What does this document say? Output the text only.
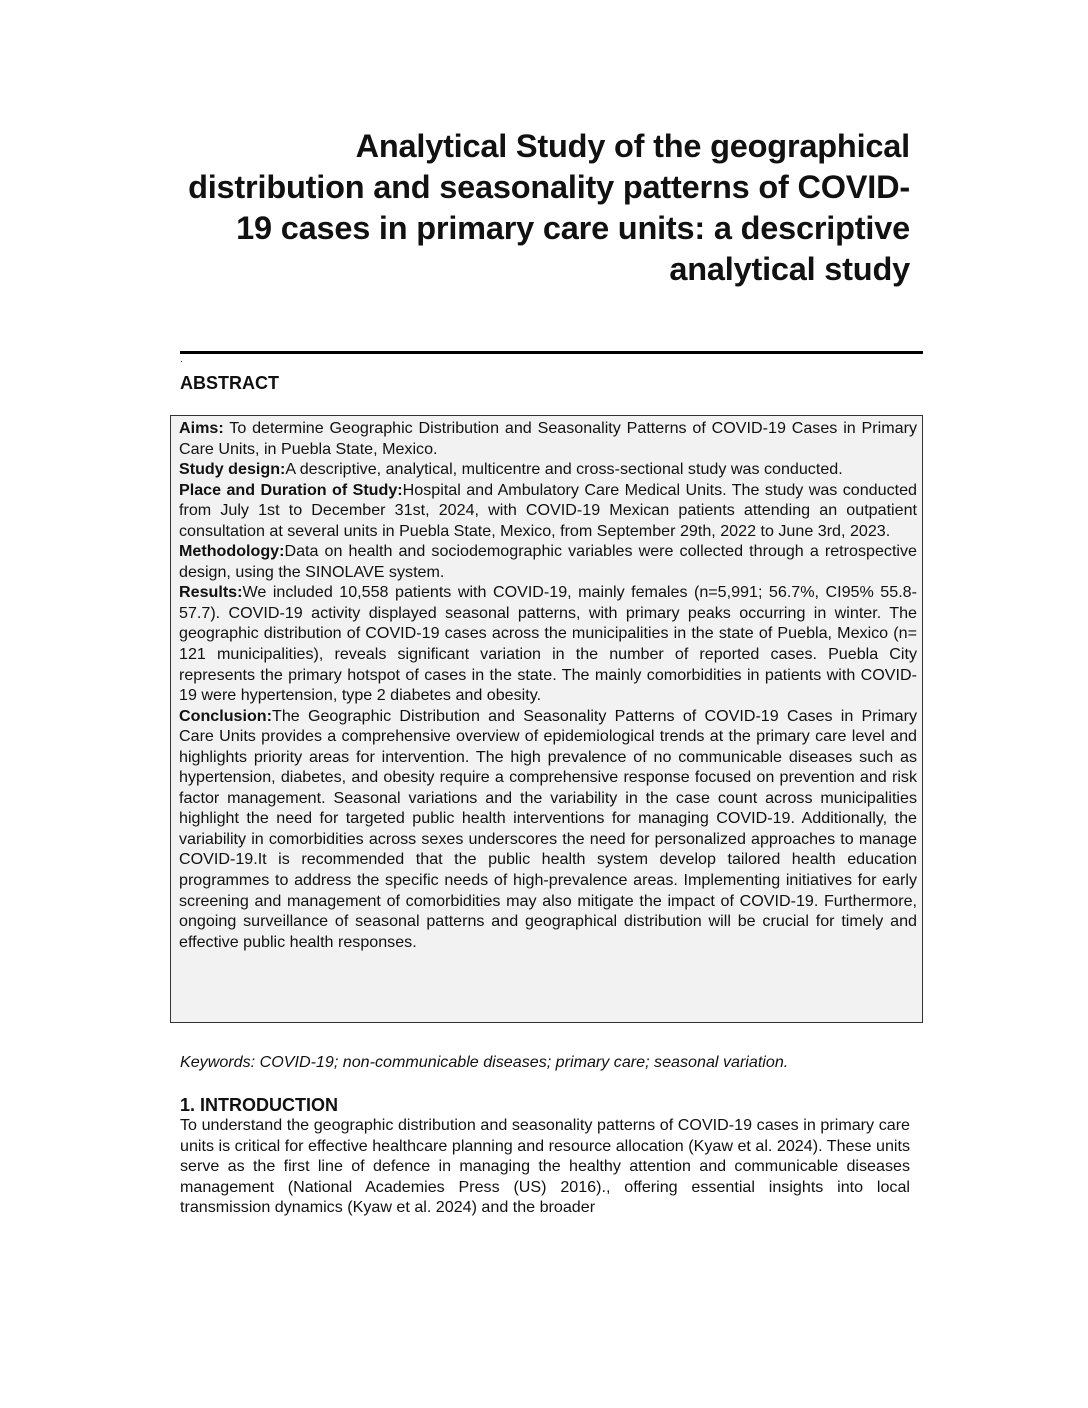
Analytical Study of the geographical distribution and seasonality patterns of COVID-19 cases in primary care units: a descriptive analytical study
.
ABSTRACT

Aims: To determine Geographic Distribution and Seasonality Patterns of COVID-19 Cases in Primary Care Units, in Puebla State, Mexico.

Study design:A descriptive, analytical, multicentre and cross-sectional study was conducted.

Place and Duration of Study:Hospital and Ambulatory Care Medical Units. The study was conducted from July 1st to December 31st, 2024, with COVID-19 Mexican patients attending an outpatient consultation at several units in Puebla State, Mexico, from September 29th, 2022 to June 3rd, 2023.

Methodology:Data on health and sociodemographic variables were collected through a retrospective design, using the SINOLAVE system.

Results:We included 10,558 patients with COVID-19, mainly females (n=5,991; 56.7%, CI95% 55.8-57.7). COVID-19 activity displayed seasonal patterns, with primary peaks occurring in winter. The geographic distribution of COVID-19 cases across the municipalities in the state of Puebla, Mexico (n= 121 municipalities), reveals significant variation in the number of reported cases. Puebla City represents the primary hotspot of cases in the state. The mainly comorbidities in patients with COVID-19 were hypertension, type 2 diabetes and obesity.

Conclusion:The Geographic Distribution and Seasonality Patterns of COVID-19 Cases in Primary Care Units provides a comprehensive overview of epidemiological trends at the primary care level and highlights priority areas for intervention. The high prevalence of no communicable diseases such as hypertension, diabetes, and obesity require a comprehensive response focused on prevention and risk factor management. Seasonal variations and the variability in the case count across municipalities highlight the need for targeted public health interventions for managing COVID-19. Additionally, the variability in comorbidities across sexes underscores the need for personalized approaches to manage COVID-19.It is recommended that the public health system develop tailored health education programmes to address the specific needs of high-prevalence areas. Implementing initiatives for early screening and management of comorbidities may also mitigate the impact of COVID-19. Furthermore, ongoing surveillance of seasonal patterns and geographical distribution will be crucial for timely and effective public health responses.

Keywords: COVID-19; non-communicable diseases; primary care; seasonal variation.

1. INTRODUCTION

To understand the geographic distribution and seasonality patterns of COVID-19 cases in primary care units is critical for effective healthcare planning and resource allocation (Kyaw et al. 2024). These units serve as the first line of defence in managing the healthy attention and communicable diseases management (National Academies Press (US) 2016)., offering essential insights into local transmission dynamics (Kyaw et al. 2024) and the broader
